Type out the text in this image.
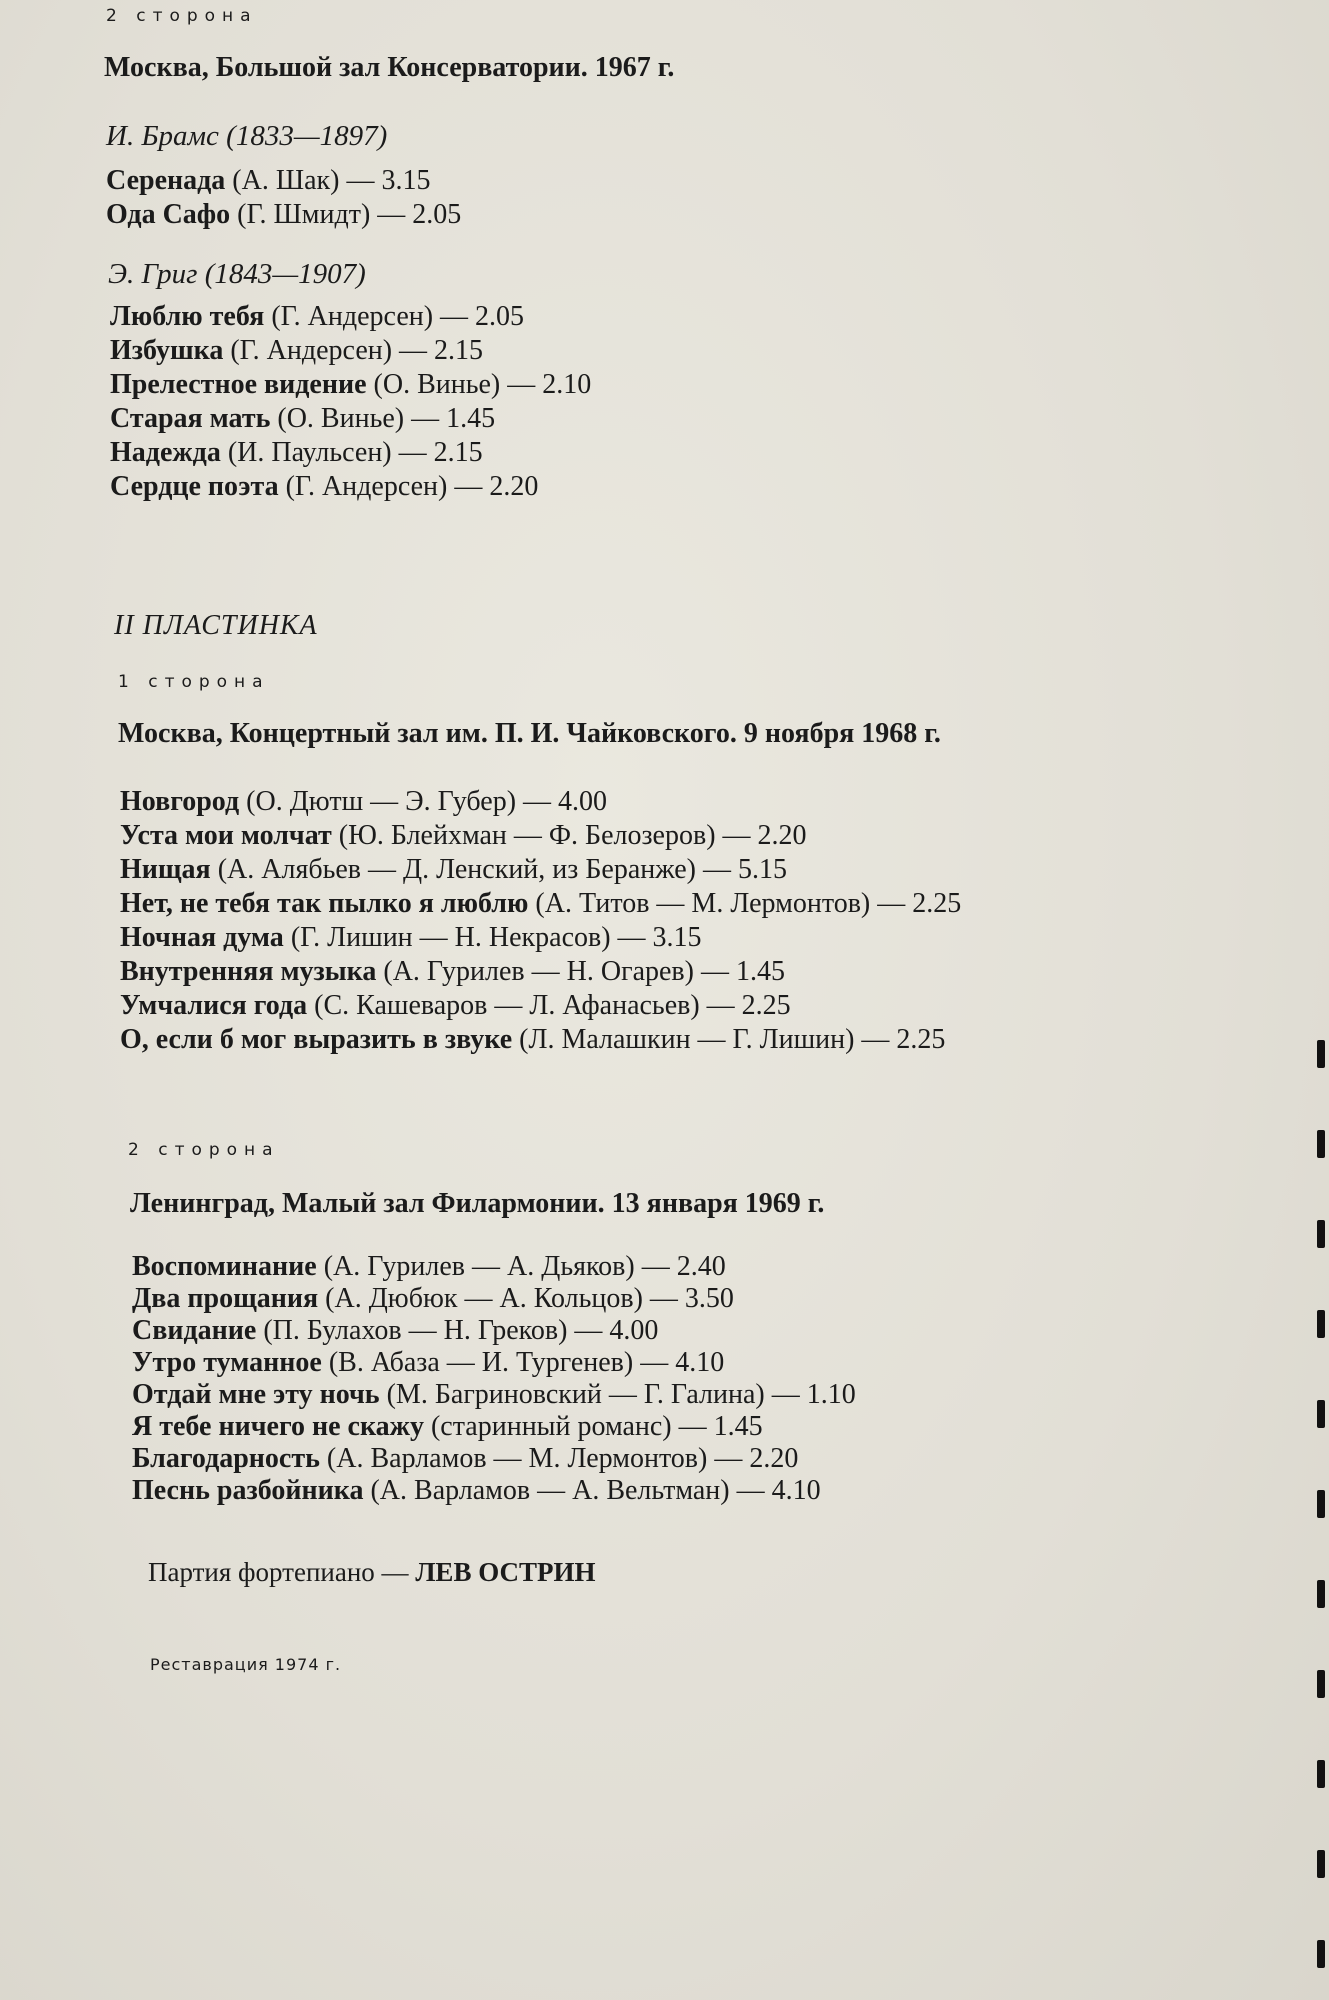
2 сторона

Москва, Большой зал Консерватории. 1967 г.

И. Брамс (1833—1897)

Серенада (А. Шак) — 3.15

Ода Сафо (Г. Шмидт) — 2.05

Э. Григ (1843—1907)

Люблю тебя (Г. Андерсен) — 2.05

Избушка (Г. Андерсен) — 2.15

Прелестное видение (О. Винье) — 2.10

Старая мать (О. Винье) — 1.45

Надежда (И. Паульсен) — 2.15

Сердце поэта (Г. Андерсен) — 2.20

II ПЛАСТИНКА

1 сторона

Москва, Концертный зал им. П. И. Чайковского. 9 ноября 1968 г.

Новгород (О. Дютш — Э. Губер) — 4.00

Уста мои молчат (Ю. Блейхман — Ф. Белозеров) — 2.20

Нищая (А. Алябьев — Д. Ленский, из Беранже) — 5.15

Нет, не тебя так пылко я люблю (А. Титов — М. Лермонтов) — 2.25

Ночная дума (Г. Лишин — Н. Некрасов) — 3.15

Внутренняя музыка (А. Гурилев — Н. Огарев) — 1.45

Умчалися года (С. Кашеваров — Л. Афанасьев) — 2.25

О, если б мог выразить в звуке (Л. Малашкин — Г. Лишин) — 2.25

2 сторона

Ленинград, Малый зал Филармонии. 13 января 1969 г.

Воспоминание (А. Гурилев — А. Дьяков) — 2.40

Два прощания (А. Дюбюк — А. Кольцов) — 3.50

Свидание (П. Булахов — Н. Греков) — 4.00

Утро туманное (В. Абаза — И. Тургенев) — 4.10

Отдай мне эту ночь (М. Багриновский — Г. Галина) — 1.10

Я тебе ничего не скажу (старинный романс) — 1.45

Благодарность (А. Варламов — М. Лермонтов) — 2.20

Песнь разбойника (А. Варламов — А. Вельтман) — 4.10

Партия фортепиано — ЛЕВ ОСТРИН

Реставрация 1974 г.
